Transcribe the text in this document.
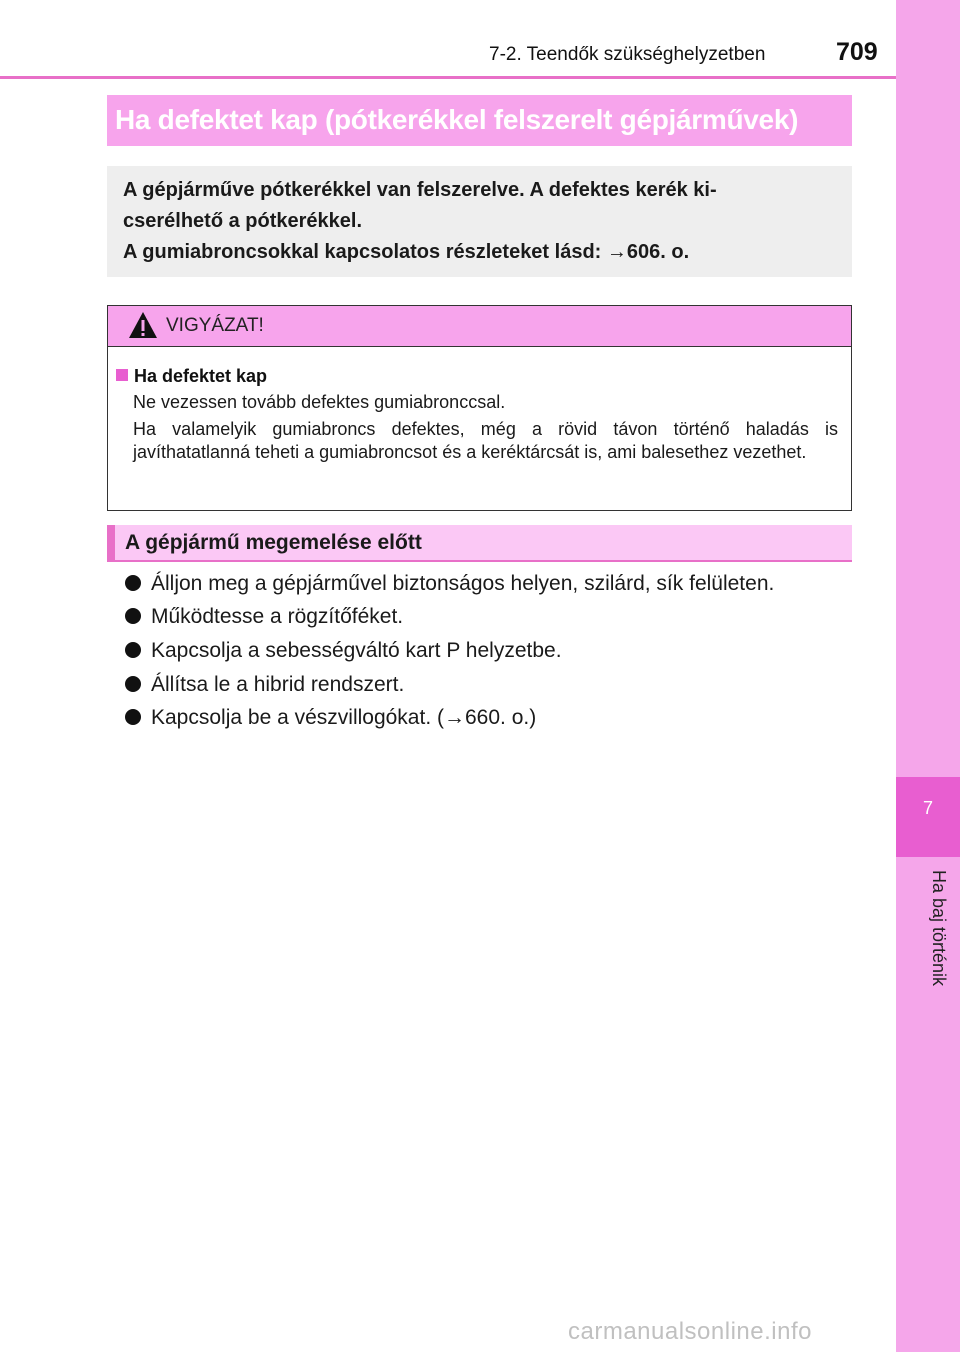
7
Ha baj történik
7-2. Teendők szükséghelyzetben	709
Ha defektet kap (pótkerékkel felszerelt gépjárművek)
A gépjárműve pótkerékkel van felszerelve. A defektes kerék ki-
cserélhető a pótkerékkel.
A gumiabroncsokkal kapcsolatos részleteket lásd: →606. o.
VIGYÁZAT!
Ha defektet kap

Ne vezessen tovább defektes gumiabronccsal.

Ha valamelyik gumiabroncs defektes, még a rövid távon történő haladás is javíthatatlanná teheti a gumiabroncsot és a keréktárcsát is, ami balesethez vezethet.

A gépjármű megemelése előtt
Álljon meg a gépjárművel biztonságos helyen, szilárd, sík felületen.
Működtesse a rögzítőféket.
Kapcsolja a sebességváltó kart P helyzetbe.
Állítsa le a hibrid rendszert.
Kapcsolja be a vészvillogókat. (→660. o.)
carmanualsonline.info
